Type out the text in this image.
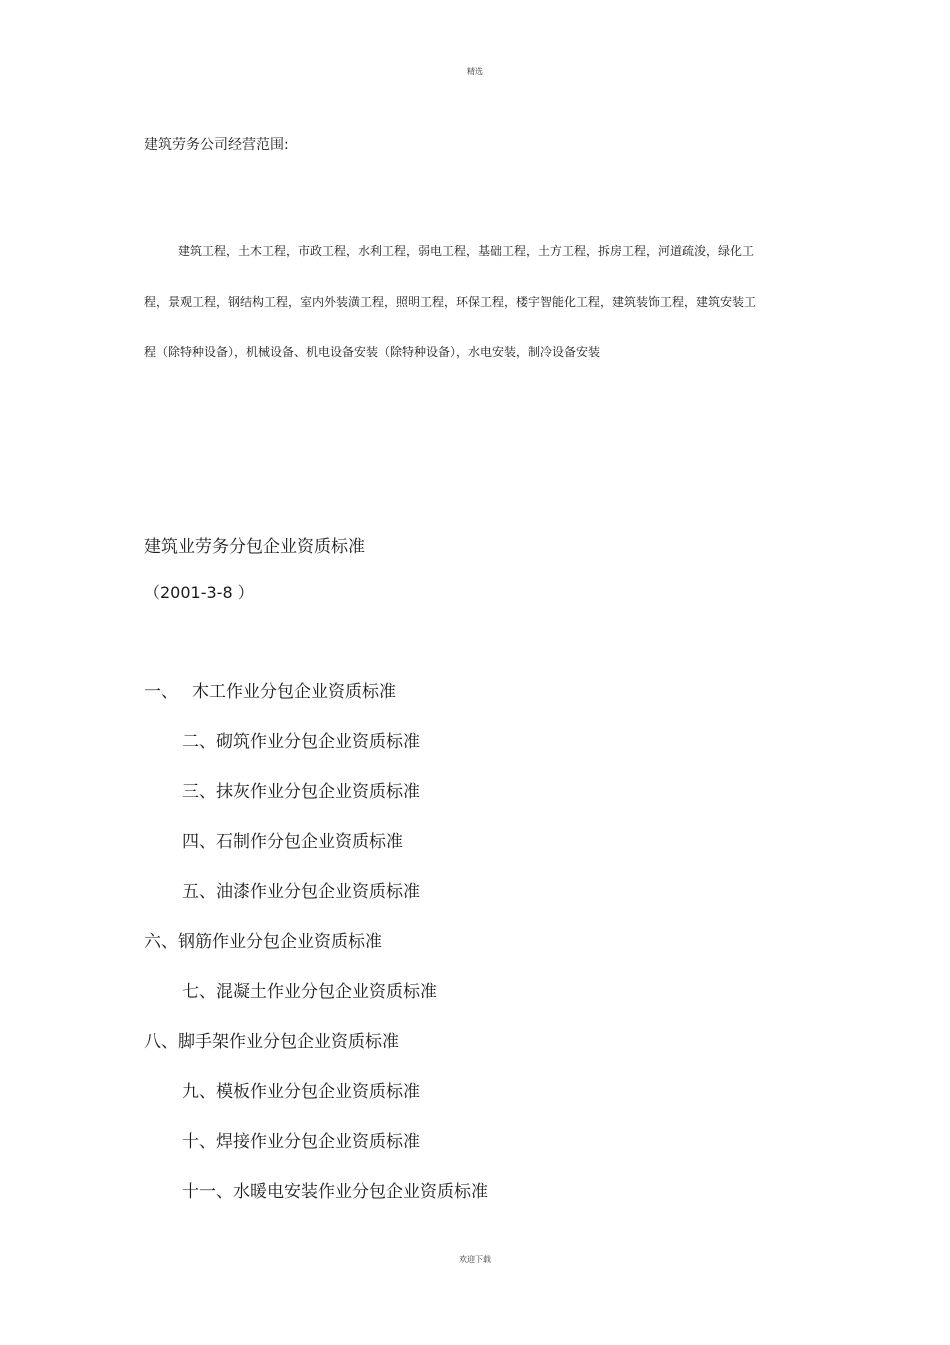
精选
建筑劳务公司经营范围:

建筑工程，土木工程，市政工程，水利工程，弱电工程，基础工程，土方工程，拆房工程，河道疏浚，绿化工程，景观工程，钢结构工程，室内外装潢工程，照明工程，环保工程，楼宇智能化工程，建筑装饰工程，建筑安装工程（除特种设备），机械设备、机电设备安装（除特种设备），水电安装，制冷设备安装

建筑业劳务分包企业资质标准
（2001-3-8 ）
一、 木工作业分包企业资质标准
二、砌筑作业分包企业资质标准
三、抹灰作业分包企业资质标准
四、石制作分包企业资质标准
五、油漆作业分包企业资质标准
六、钢筋作业分包企业资质标准
七、混凝土作业分包企业资质标准
八、脚手架作业分包企业资质标准
九、模板作业分包企业资质标准
十、焊接作业分包企业资质标准
十一、水暖电安装作业分包企业资质标准
欢迎下载
